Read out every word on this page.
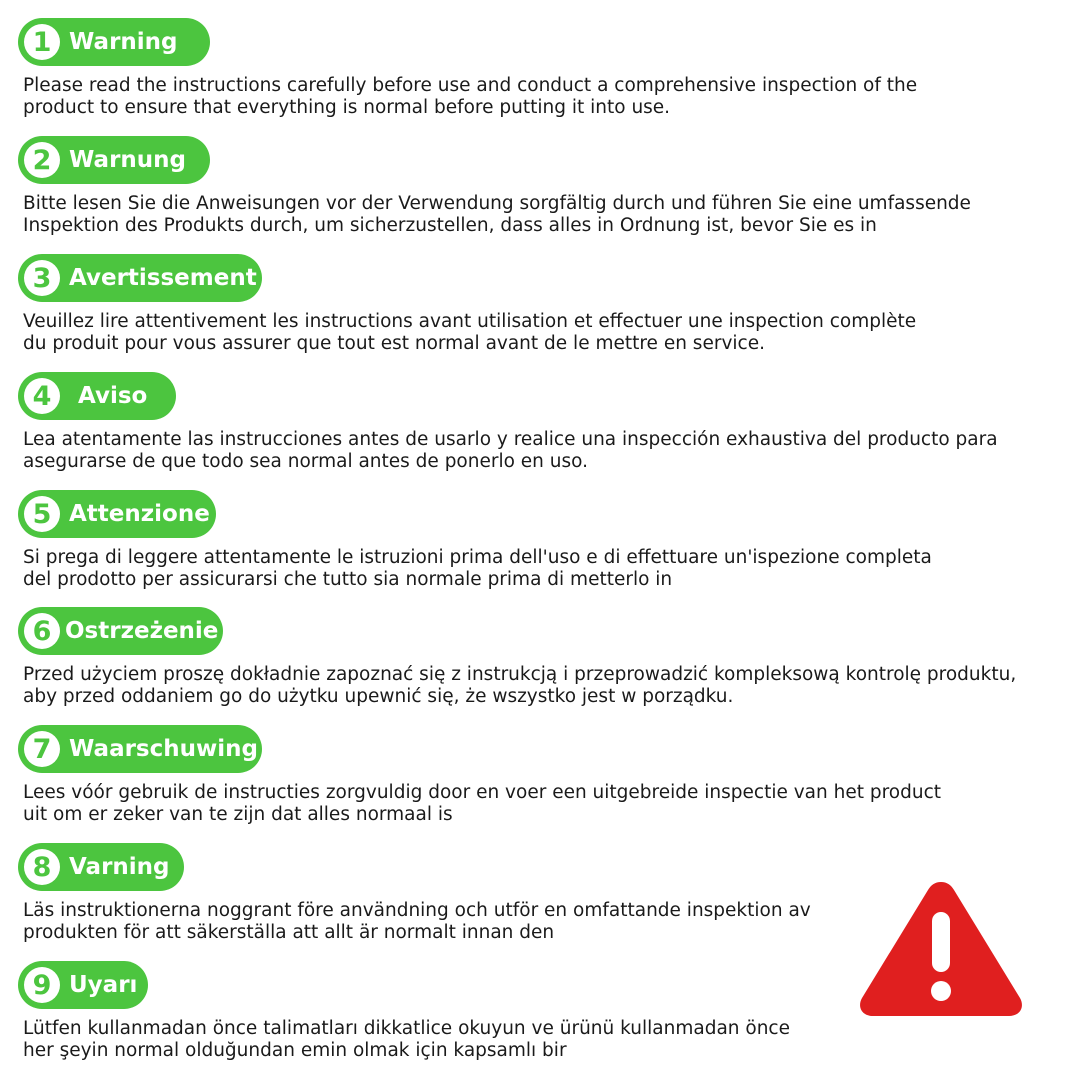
1 Warning
Please read the instructions carefully before use and conduct a comprehensive inspection of the
product to ensure that everything is normal before putting it into use.
2 Warnung
Bitte lesen Sie die Anweisungen vor der Verwendung sorgfältig durch und führen Sie eine umfassende
Inspektion des Produkts durch, um sicherzustellen, dass alles in Ordnung ist, bevor Sie es in
3 Avertissement
Veuillez lire attentivement les instructions avant utilisation et effectuer une inspection complète
du produit pour vous assurer que tout est normal avant de le mettre en service.
4	Aviso
Lea atentamente las instrucciones antes de usarlo y realice una inspección exhaustiva del producto para
asegurarse de que todo sea normal antes de ponerlo en uso.
5 Attenzione
Si prega di leggere attentamente le istruzioni prima dell'uso e di effettuare un'ispezione completa
del prodotto per assicurarsi che tutto sia normale prima di metterlo in
6 Ostrzeżenie
Przed użyciem proszę dokładnie zapoznać się z instrukcją i przeprowadzić kompleksową kontrolę produktu,
aby przed oddaniem go do użytku upewnić się, że wszystko jest w porządku.
7 Waarschuwing
Lees vóór gebruik de instructies zorgvuldig door en voer een uitgebreide inspectie van het product
uit om er zeker van te zijn dat alles normaal is
8 Varning
Läs instruktionerna noggrant före användning och utför en omfattande inspektion av
produkten för att säkerställa att allt är normalt innan den
9 Uyarı
Lütfen kullanmadan önce talimatları dikkatlice okuyun ve ürünü kullanmadan önce
her şeyin normal olduğundan emin olmak için kapsamlı bir
